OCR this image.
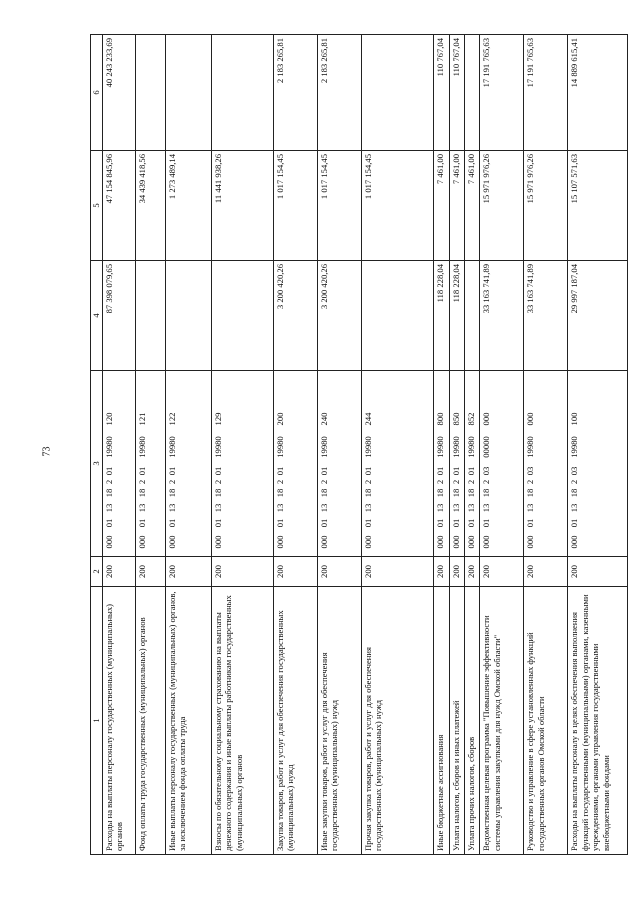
73
1	2	3	4	5	6
Расходы на выплаты персоналу государственных (муниципальных) органов	200	00001131820119980120	87 398 079,65	47 154 845,96	40 243 233,69
Фонд оплаты труда государственных (муниципальных) органов	200	00001131820119980121		34 439 418,56	
Иные выплаты персоналу государственных (муниципальных) органов, за исключением фонда оплаты труда	200	00001131820119980122		1 273 489,14	
Взносы по обязательному социальному страхованию на выплаты денежного содержания и иные выплаты работникам государственных (муниципальных) органов	200	00001131820119980129		11 441 938,26	
Закупка товаров, работ и услуг для обеспечения государственных (муниципальных) нужд	200	00001131820119980200	3 200 420,26	1 017 154,45	2 183 265,81
Иные закупки товаров, работ и услуг для обеспечения государственных (муниципальных) нужд	200	00001131820119980240	3 200 420,26	1 017 154,45	2 183 265,81
Прочая закупка товаров, работ и услуг для обеспечения государственных (муниципальных) нужд	200	00001131820119980244		1 017 154,45	
Иные бюджетные ассигнования	200	00001131820119980800	118 228,04	7 461,00	110 767,04
Уплата налогов, сборов и иных платежей	200	00001131820119980850	118 228,04	7 461,00	110 767,04
Уплата прочих налогов, сборов	200	00001131820119980852		7 461,00	
Ведомственная целевая программа "Повышение эффективности системы управления закупками для нужд Омской области"	200	00001131820300000000	33 163 741,89	15 971 976,26	17 191 765,63
Руководство и управление в сфере установленных функций государственных органов Омской области	200	00001131820319980000	33 163 741,89	15 971 976,26	17 191 765,63
Расходы на выплаты персоналу в целях обеспечения выполнения функций государственными (муниципальными) органами, казенными учреждениями, органами управления государственными внебюджетными фондами	200	00001131820319980100	29 997 187,04	15 107 571,63	14 889 615,41
